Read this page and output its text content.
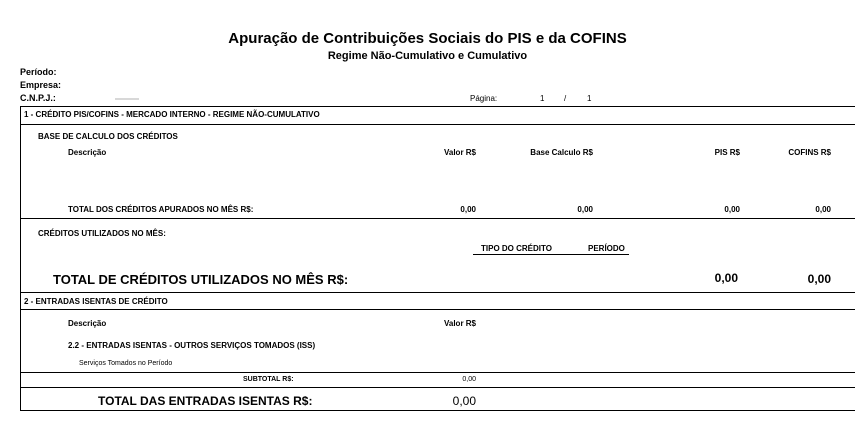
Apuração de Contribuições Sociais do PIS e da COFINS
Regime Não-Cumulativo e Cumulativo
Período:
Empresa:
C.N.P.J.:	Página:	1 /	1
1 - CRÉDITO PIS/COFINS - MERCADO INTERNO - REGIME NÃO-CUMULATIVO
BASE DE CALCULO DOS CRÉDITOS
Descrição	Valor R$	Base Calculo R$	PIS R$	COFINS R$
TOTAL DOS CRÉDITOS APURADOS NO MÊS R$:	0,00	0,00	0,00	0,00
CRÉDITOS UTILIZADOS NO MÊS:
TIPO DO CRÉDITO	PERÍODO
TOTAL DE CRÉDITOS UTILIZADOS NO MÊS R$:	0,00	0,00
2 - ENTRADAS ISENTAS DE CRÉDITO
Descrição	Valor R$
2.2 - ENTRADAS ISENTAS - OUTROS SERVIÇOS TOMADOS (ISS)
Serviços Tomados no Período
SUBTOTAL R$:	0,00
TOTAL DAS ENTRADAS ISENTAS R$:	0,00
